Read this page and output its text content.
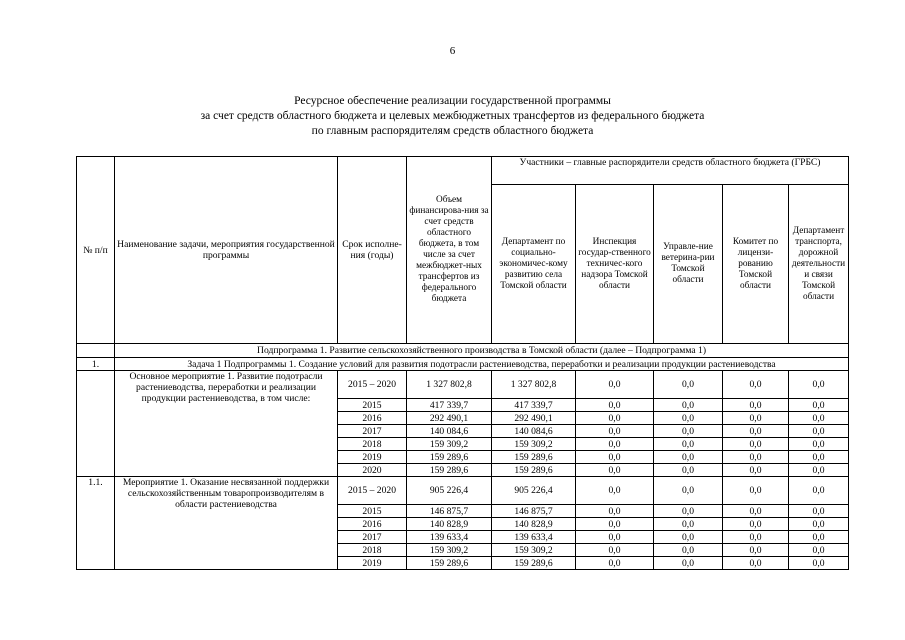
6
Ресурсное обеспечение реализации государственной программы
за счет средств областного бюджета и целевых межбюджетных трансфертов из федерального бюджета
по главным распорядителям средств областного бюджета
№ п/п	Наименование задачи, мероприятия государственной программы	Срок исполне-ния (годы)	Объем финансирова-ния за счет средств областного бюджета, в том числе за счет межбюджет-ных трансфертов из федерального бюджета	Участники – главные распорядители средств областного бюджета (ГРБС)				
				Департамент по социально-экономичес-кому развитию села Томской области	Инспекция государ-ственного техничес-кого надзора Томской области	Управле-ние ветерина-рии Томской области	Комитет по лицензи-рованию Томской области	Департамент транспорта, дорожной деятельности и связи Томской области
	Подпрограмма 1. Развитие сельскохозяйственного производства в Томской области (далее – Подпрограмма 1)							
1.	Задача 1 Подпрограммы 1. Создание условий для развития подотрасли растениеводства, переработки и реализации продукции растениеводства							
	Основное мероприятие 1. Развитие подотрасли растениеводства, переработки и реализации продукции растениеводства, в том числе:	2015 – 2020	1 327 802,8	1 327 802,8	0,0	0,0	0,0	0,0
		2015	417 339,7	417 339,7	0,0	0,0	0,0	0,0
		2016	292 490,1	292 490,1	0,0	0,0	0,0	0,0
		2017	140 084,6	140 084,6	0,0	0,0	0,0	0,0
		2018	159 309,2	159 309,2	0,0	0,0	0,0	0,0
		2019	159 289,6	159 289,6	0,0	0,0	0,0	0,0
		2020	159 289,6	159 289,6	0,0	0,0	0,0	0,0
1.1.	Мероприятие 1. Оказание несвязанной поддержки сельскохозяйственным товаропроизводителям в области растениеводства	2015 – 2020	905 226,4	905 226,4	0,0	0,0	0,0	0,0
		2015	146 875,7	146 875,7	0,0	0,0	0,0	0,0
		2016	140 828,9	140 828,9	0,0	0,0	0,0	0,0
		2017	139 633,4	139 633,4	0,0	0,0	0,0	0,0
		2018	159 309,2	159 309,2	0,0	0,0	0,0	0,0
		2019	159 289,6	159 289,6	0,0	0,0	0,0	0,0
